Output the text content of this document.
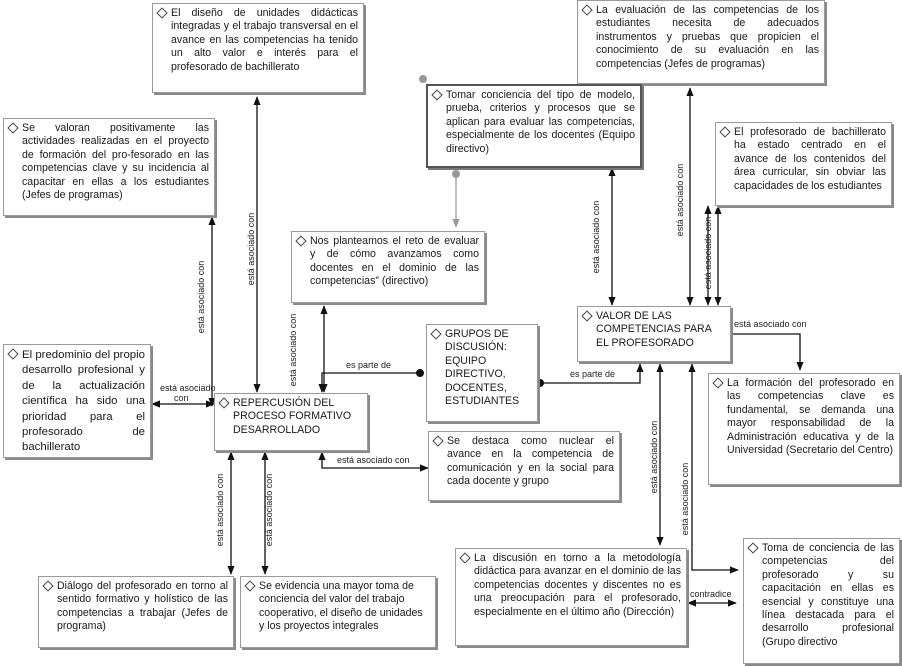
El diseño de unidades didácticas integradas y el trabajo transversal en el avance en las competencias ha tenido un alto valor e interés para el profesorado de bachillerato
La evaluación de las competencias de los estudiantes necesita de adecuados instrumentos y pruebas que propicien el conocimiento de su evaluación en las competencias (Jefes de programas)
Tomar conciencia del tipo de modelo, prueba, criterios y procesos que se aplican para evaluar las competencias, especialmente de los docentes (Equipo directivo)
Se valoran positivamente las actividades realizadas en el proyecto de formación del pro-fesorado en las competencias clave y su incidencia al capacitar en ellas a los estudiantes (Jefes de programas)
El profesorado de bachillerato ha estado centrado en el avance de los contenidos del área curricular, sin obviar las capacidades de los estudiantes
Nos planteamos el reto de evaluar y de cómo avanzamos como docentes en el dominio de las competencias” (directivo)
VALOR DE LAS COMPETENCIAS PARA EL PROFESORADO
El predominio del propio desarrollo profesional y de la actualización científica ha sido una prioridad para el profesorado de bachillerato
GRUPOS DE DISCUSIÓN: EQUIPO DIRECTIVO, DOCENTES, ESTUDIANTES
REPERCUSIÓN DEL PROCESO FORMATIVO DESARROLLADO
La formación del profesorado en las competencias clave es fundamental, se demanda una mayor responsabilidad de la Administración educativa y de la Universidad (Secretario del Centro)
Se destaca como nuclear el avance en la competencia de comunicación y en la social para cada docente y grupo
La discusión en torno a la metodología didáctica para avanzar en el dominio de las competencias docentes y discentes no es una preocupación para el profesorado, especialmente en el último año (Dirección)
Toma de conciencia de las competencias del profesorado y su capacitación en ellas es esencial y constituye una línea destacada para el desarrollo profesional (Grupo directivo
Diálogo del profesorado en torno al sentido formativo y holístico de las competencias a trabajar (Jefes de programa)
Se evidencia una mayor toma de conciencia del valor del trabajo cooperativo, el diseño de unidades y los proyectos integrales
está asociado con
está asociado con
está asociado con
está asociado
con
es parte de
está asociado con
está asociado con	está asociado con
es parte de
está asociado con
está asociado con
está asociado con
está asociado con
está asociado con
está asociado con
contradice
